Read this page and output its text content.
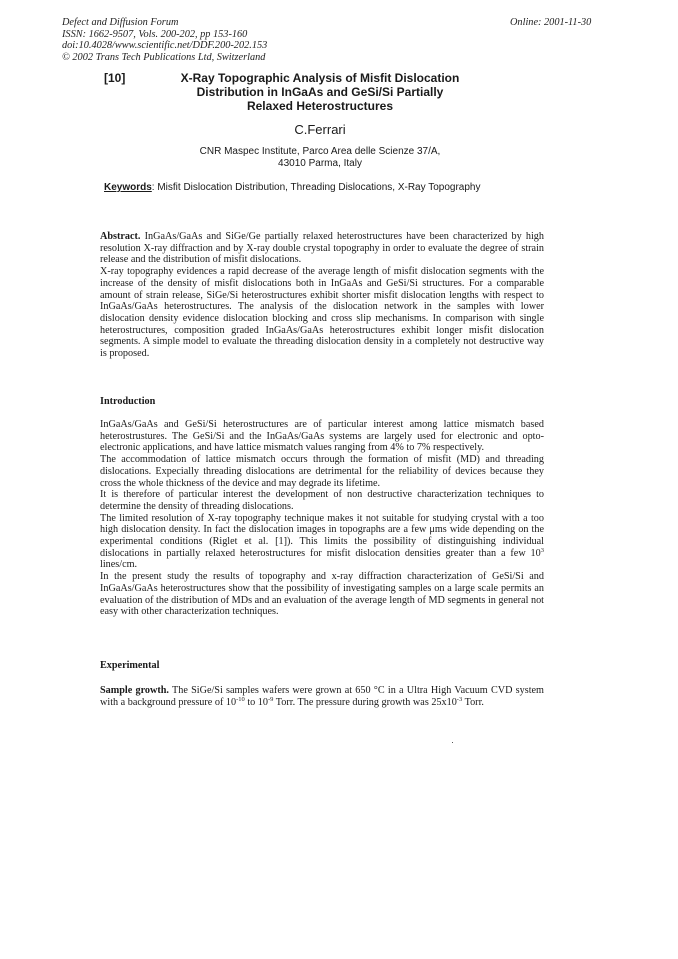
Defect and Diffusion Forum
ISSN: 1662-9507, Vols. 200-202, pp 153-160
doi:10.4028/www.scientific.net/DDF.200-202.153
© 2002 Trans Tech Publications Ltd, Switzerland
Online: 2001-11-30
[10]	X-Ray Topographic Analysis of Misfit Dislocation
Distribution in InGaAs and GeSi/Si Partially
Relaxed Heterostructures
C.Ferrari
CNR Maspec Institute, Parco Area delle Scienze 37/A,
43010 Parma, Italy
Keywords: Misfit Dislocation Distribution, Threading Dislocations, X-Ray Topography

Abstract. InGaAs/GaAs and SiGe/Ge partially relaxed heterostructures have been characterized by high resolution X-ray diffraction and by X-ray double crystal topography in order to evaluate the degree of strain release and the distribution of misfit dislocations.

X-ray topography evidences a rapid decrease of the average length of misfit dislocation segments with the increase of the density of misfit dislocations both in InGaAs and GeSi/Si structures. For a comparable amount of strain release, SiGe/Si heterostructures exhibit shorter misfit dislocation lengths with respect to InGaAs/GaAs heterostructures. The analysis of the dislocation network in the samples with lower dislocation density evidence dislocation blocking and cross slip mechanisms. In comparison with single heterostructures, composition graded InGaAs/GaAs heterostructures exhibit longer misfit dislocation segments. A simple model to evaluate the threading dislocation density in a completely not destructive way is proposed.

Introduction

InGaAs/GaAs and GeSi/Si heterostructures are of particular interest among lattice mismatch based heterostrustures. The GeSi/Si and the InGaAs/GaAs systems are largely used for electronic and opto-electronic applications, and have lattice mismatch values ranging from 4% to 7% respectively.

The accommodation of lattice mismatch occurs through the formation of misfit (MD) and threading dislocations. Expecially threading dislocations are detrimental for the reliability of devices because they cross the whole thickness of the device and may degrade its lifetime.

It is therefore of particular interest the development of non destructive characterization techniques to determine the density of threading dislocations.

The limited resolution of X-ray topography technique makes it not suitable for studying crystal with a too high dislocation density. In fact the dislocation images in topographs are a few μms wide depending on the experimental conditions (Riglet et al. [1]). This limits the possibility of distinguishing individual dislocations in partially relaxed heterostructures for misfit dislocation densities greater than a few $10^3$ lines/cm.

In the present study the results of topography and x-ray diffraction characterization of GeSi/Si and InGaAs/GaAs heterostructures show that the possibility of investigating samples on a large scale permits an evaluation of the distribution of MDs and an evaluation of the average length of MD segments in general not easy with other characterization techniques.

Experimental

Sample growth. The SiGe/Si samples wafers were grown at 650 °C in a Ultra High Vacuum CVD system with a background pressure of $10^{-10}$ to $10^{-9}$ Torr. The pressure during growth was $25x10^{-3}$ Torr.
